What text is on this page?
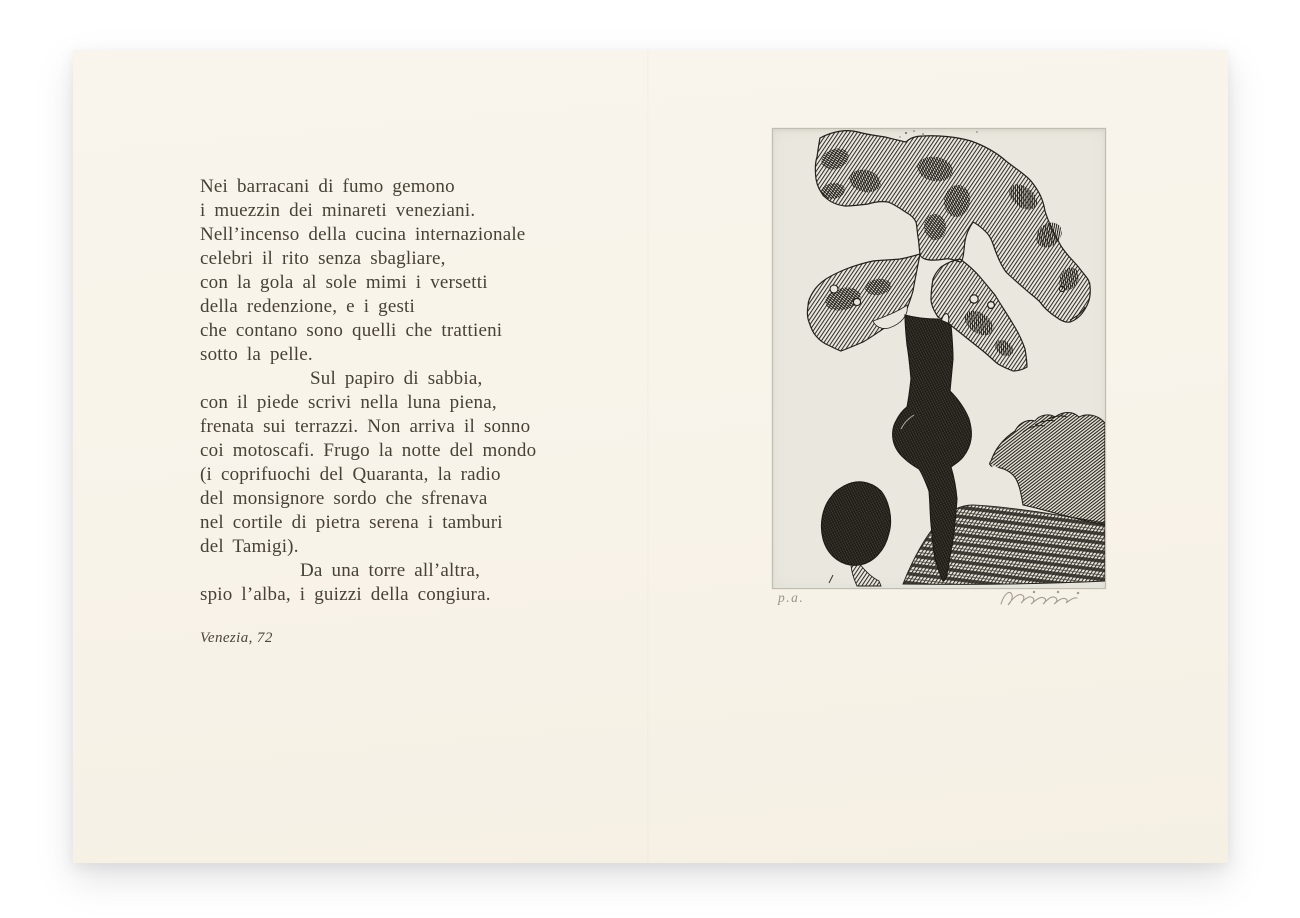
Nei barracani di fumo gemono
i muezzin dei minareti veneziani.
Nell’incenso della cucina internazionale
celebri il rito senza sbagliare,
con la gola al sole mimi i versetti
della redenzione, e i gesti
che contano sono quelli che trattieni
sotto la pelle.
Sul papiro di sabbia,
con il piede scrivi nella luna piena,
frenata sui terrazzi. Non arriva il sonno
coi motoscafi. Frugo la notte del mondo
(i coprifuochi del Quaranta, la radio
del monsignore sordo che sfrenava
nel cortile di pietra serena i tamburi
del Tamigi).
Da una torre all’altra,
spio l’alba, i guizzi della congiura.
Venezia, 72
p.a.
